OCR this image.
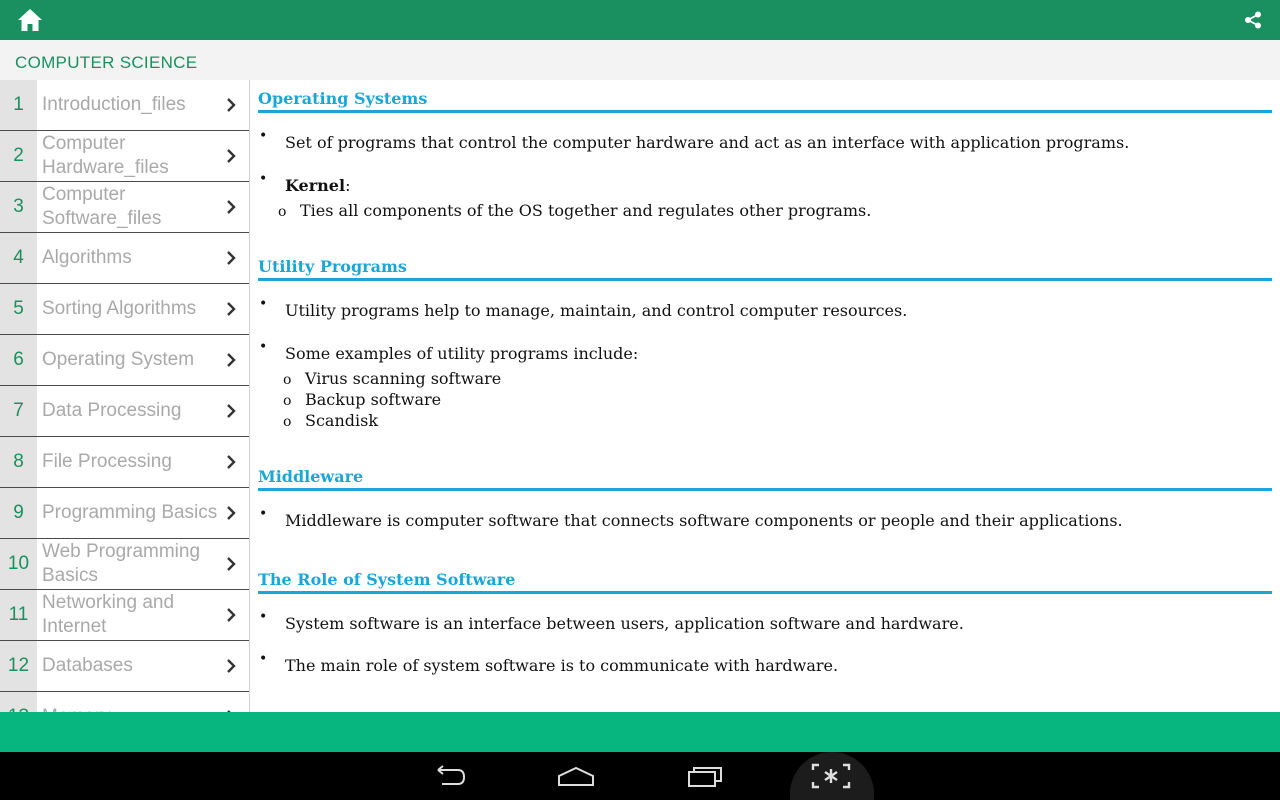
COMPUTER SCIENCE
1 Introduction_files
2
Computer Hardware_files
3
Computer Software_files
4 Algorithms
5 Sorting Algorithms
6 Operating System
7 Data Processing
8 File Processing
9 Programming Basics
10
Web Programming Basics
11
Networking and Internet
12 Databases
Operating Systems
• Set of programs that control the computer hardware and act as an interface with application programs.
• Kernel:
o Ties all components of the OS together and regulates other programs.
Utility Programs
• Utility programs help to manage, maintain, and control computer resources.
• Some examples of utility programs include:
o Virus scanning software
o Backup software
o Scandisk
Middleware
• Middleware is computer software that connects software components or people and their applications.
The Role of System Software
• System software is an interface between users, application software and hardware.
• The main role of system software is to communicate with hardware.
